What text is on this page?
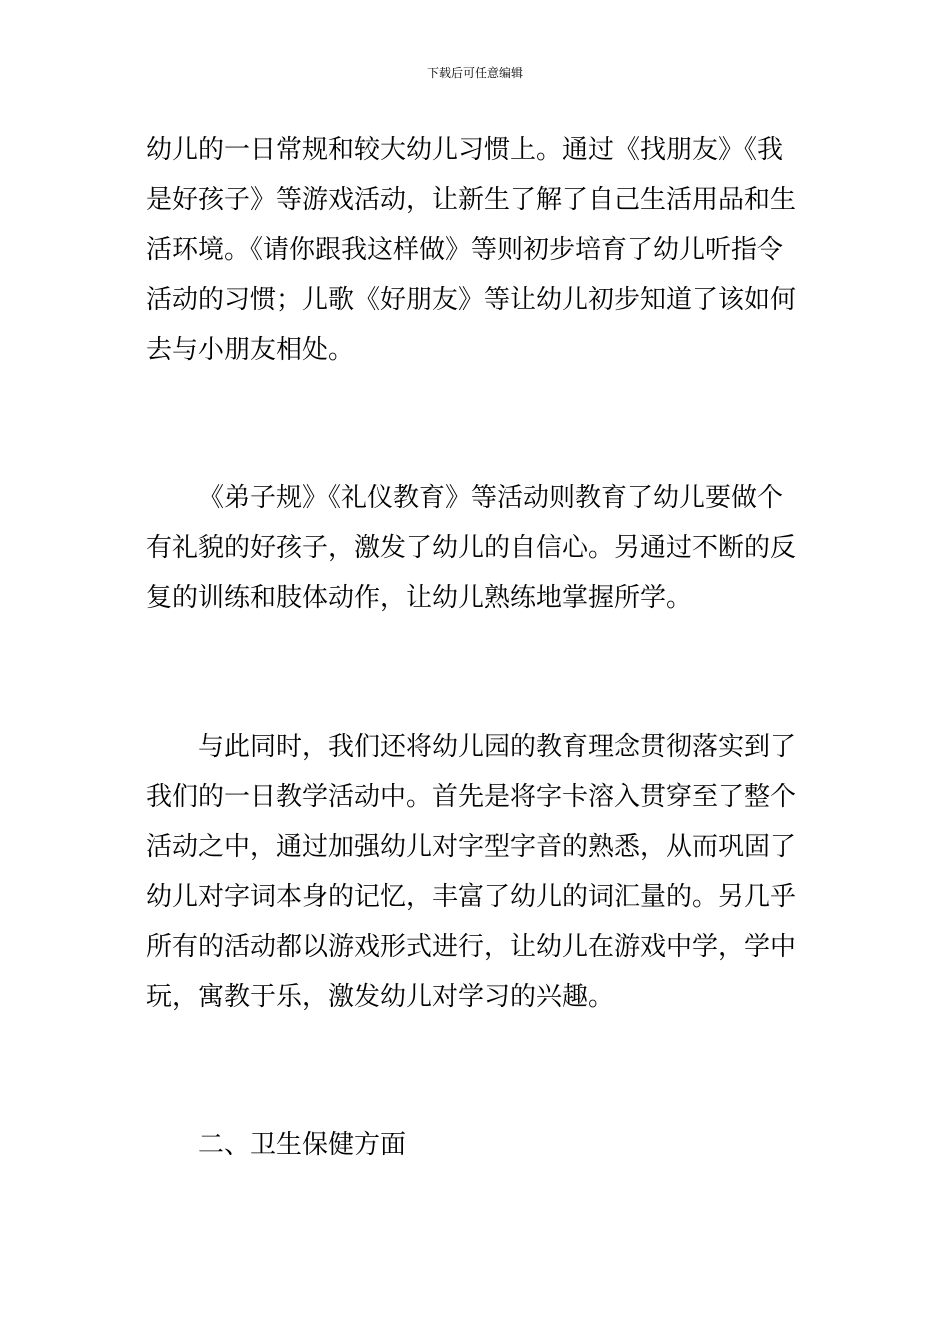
下载后可任意编辑
幼儿的一日常规和较大幼儿习惯上。通过《找朋友》《我
是好孩子》等游戏活动，让新生了解了自己生活用品和生
活环境。《请你跟我这样做》等则初步培育了幼儿听指令
活动的习惯；儿歌《好朋友》等让幼儿初步知道了该如何
去与小朋友相处。
《弟子规》《礼仪教育》等活动则教育了幼儿要做个
有礼貌的好孩子，激发了幼儿的自信心。另通过不断的反
复的训练和肢体动作，让幼儿熟练地掌握所学。
与此同时，我们还将幼儿园的教育理念贯彻落实到了
我们的一日教学活动中。首先是将字卡溶入贯穿至了整个
活动之中，通过加强幼儿对字型字音的熟悉，从而巩固了
幼儿对字词本身的记忆，丰富了幼儿的词汇量的。另几乎
所有的活动都以游戏形式进行，让幼儿在游戏中学，学中
玩，寓教于乐，激发幼儿对学习的兴趣。
二、卫生保健方面
